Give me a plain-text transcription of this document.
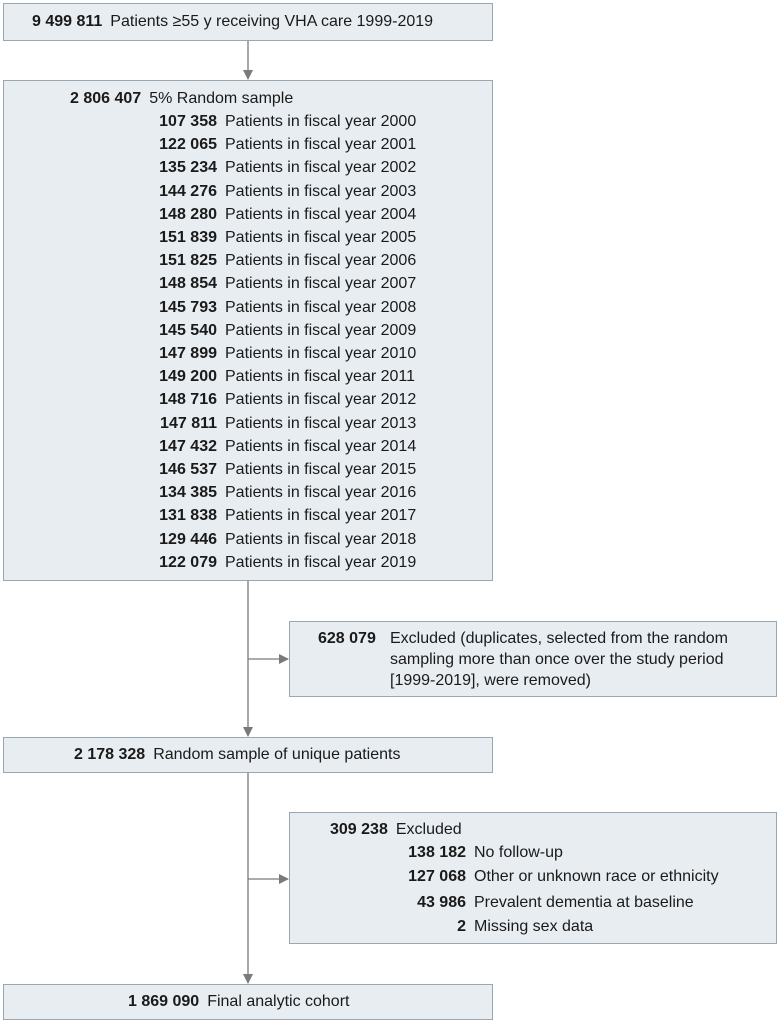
9 499 811 Patients ≥55 y receiving VHA care 1999-2019
2 806 407 5% Random sample
107 358 Patients in fiscal year 2000
122 065 Patients in fiscal year 2001
135 234 Patients in fiscal year 2002
144 276 Patients in fiscal year 2003
148 280 Patients in fiscal year 2004
151 839 Patients in fiscal year 2005
151 825 Patients in fiscal year 2006
148 854 Patients in fiscal year 2007
145 793 Patients in fiscal year 2008
145 540 Patients in fiscal year 2009
147 899 Patients in fiscal year 2010
149 200 Patients in fiscal year 2011
148 716 Patients in fiscal year 2012
147 811 Patients in fiscal year 2013
147 432 Patients in fiscal year 2014
146 537 Patients in fiscal year 2015
134 385 Patients in fiscal year 2016
131 838 Patients in fiscal year 2017
129 446 Patients in fiscal year 2018
122 079 Patients in fiscal year 2019
628 079 Excluded (duplicates, selected from the random
sampling more than once over the study period
[1999-2019], were removed)
2 178 328 Random sample of unique patients
309 238 Excluded
138 182 No follow-up
127 068 Other or unknown race or ethnicity
43 986 Prevalent dementia at baseline
2 Missing sex data
1 869 090 Final analytic cohort
